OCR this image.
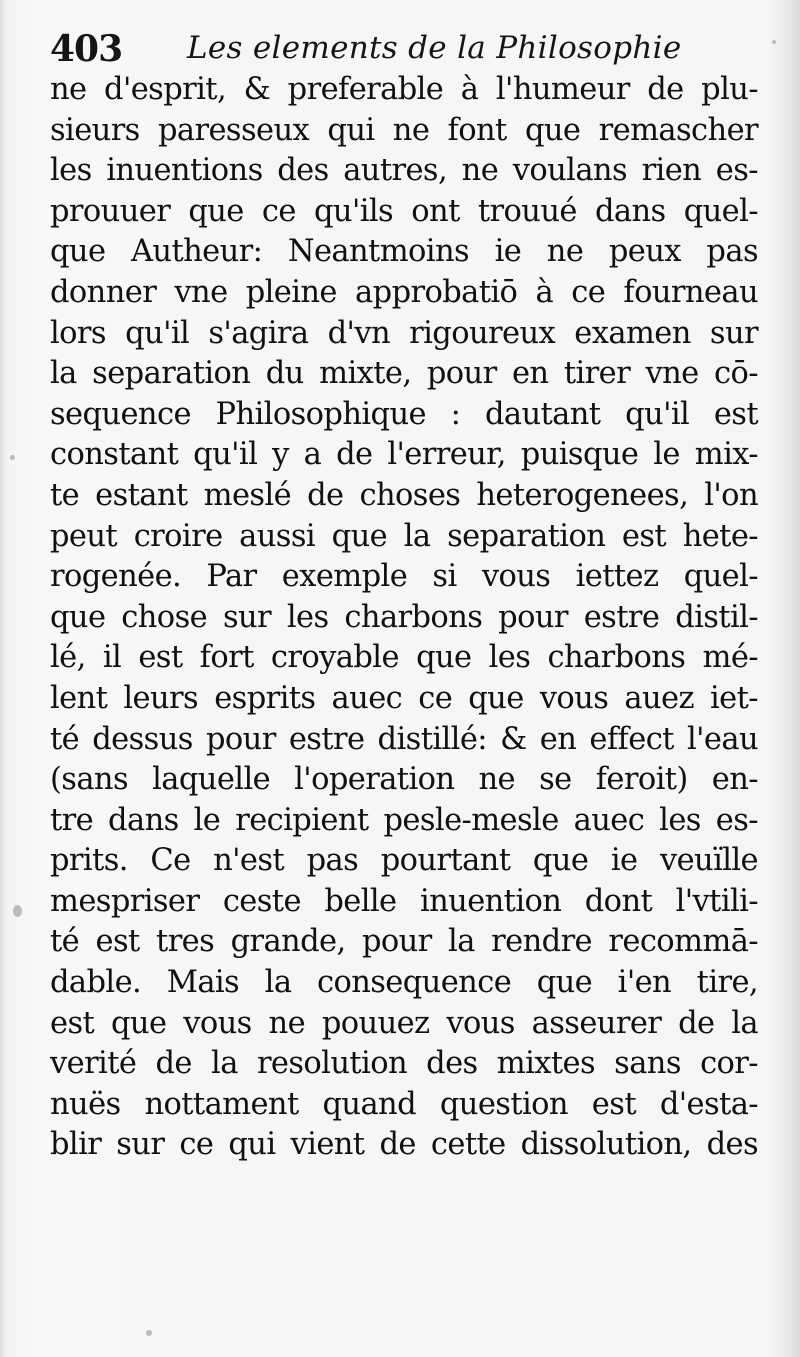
403 Les elements de la Philosophie
ne d'esprit, & preferable à l'humeur de plu-
sieurs paresseux qui ne font que remascher
les inuentions des autres, ne voulans rien es-
prouuer que ce qu'ils ont trouué dans quel-
que Autheur: Neantmoins ie ne peux pas
donner vne pleine approbatiō à ce fourneau
lors qu'il s'agira d'vn rigoureux examen sur
la separation du mixte, pour en tirer vne cō-
sequence Philosophique : dautant qu'il est
constant qu'il y a de l'erreur, puisque le mix-
te estant meslé de choses heterogenees, l'on
peut croire aussi que la separation est hete-
rogenée. Par exemple si vous iettez quel-
que chose sur les charbons pour estre distil-
lé, il est fort croyable que les charbons mé-
lent leurs esprits auec ce que vous auez iet-
té dessus pour estre distillé: & en effect l'eau
(sans laquelle l'operation ne se feroit) en-
tre dans le recipient pesle-mesle auec les es-
prits. Ce n'est pas pourtant que ie veuïlle
mespriser ceste belle inuention dont l'vtili-
té est tres grande, pour la rendre recommā-
dable. Mais la consequence que i'en tire,
est que vous ne pouuez vous asseurer de la
verité de la resolution des mixtes sans cor-
nuës nottament quand question est d'esta-
blir sur ce qui vient de cette dissolution, des
